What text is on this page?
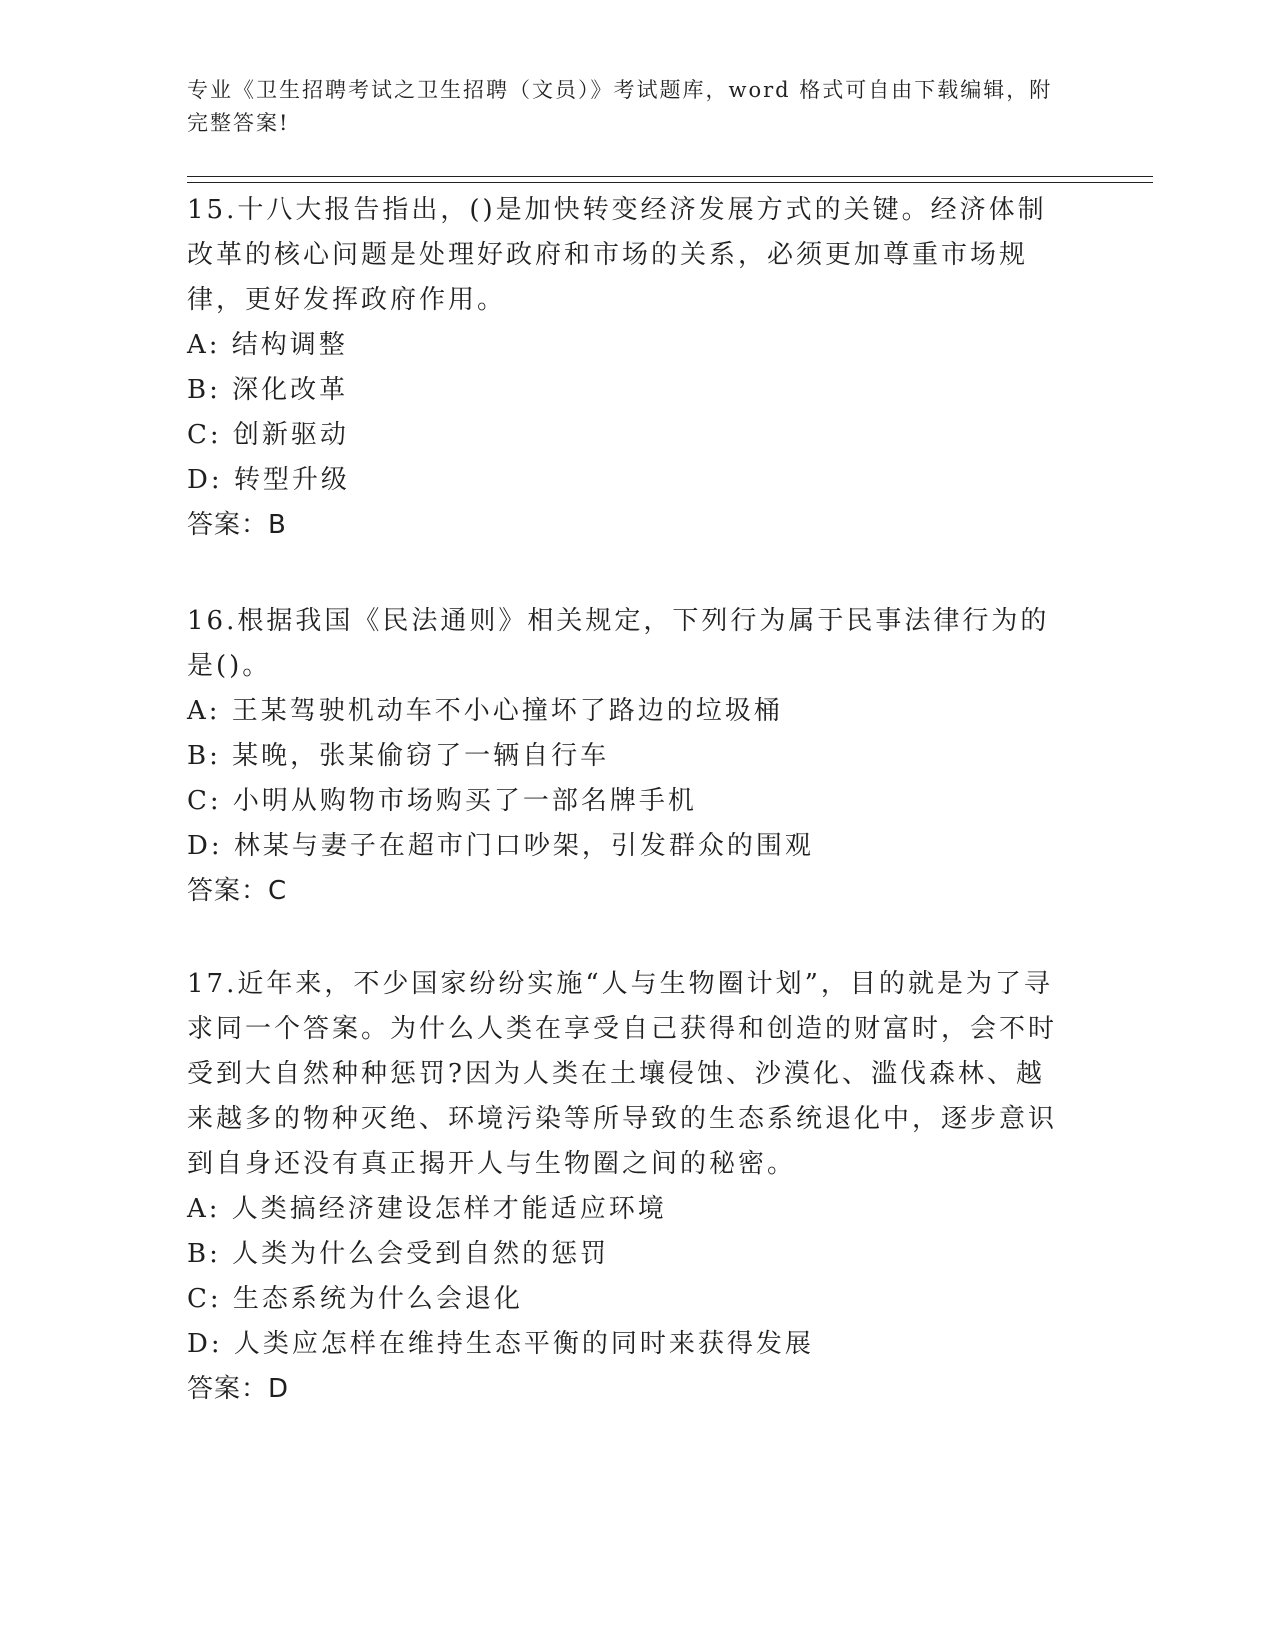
专业《卫生招聘考试之卫生招聘（文员）》考试题库，word 格式可自由下载编辑，附完整答案!

15.十八大报告指出，()是加快转变经济发展方式的关键。经济体制改革的核心问题是处理好政府和市场的关系，必须更加尊重市场规律，更好发挥政府作用。

A: 结构调整
B: 深化改革
C: 创新驱动
D: 转型升级
答案：B

16.根据我国《民法通则》相关规定，下列行为属于民事法律行为的是()。

A: 王某驾驶机动车不小心撞坏了路边的垃圾桶
B: 某晚，张某偷窃了一辆自行车
C: 小明从购物市场购买了一部名牌手机
D: 林某与妻子在超市门口吵架，引发群众的围观
答案：C

17.近年来，不少国家纷纷实施“人与生物圈计划”，目的就是为了寻求同一个答案。为什么人类在享受自己获得和创造的财富时，会不时受到大自然种种惩罚?因为人类在土壤侵蚀、沙漠化、滥伐森林、越来越多的物种灭绝、环境污染等所导致的生态系统退化中，逐步意识到自身还没有真正揭开人与生物圈之间的秘密。

A: 人类搞经济建设怎样才能适应环境
B: 人类为什么会受到自然的惩罚
C: 生态系统为什么会退化
D: 人类应怎样在维持生态平衡的同时来获得发展
答案：D
